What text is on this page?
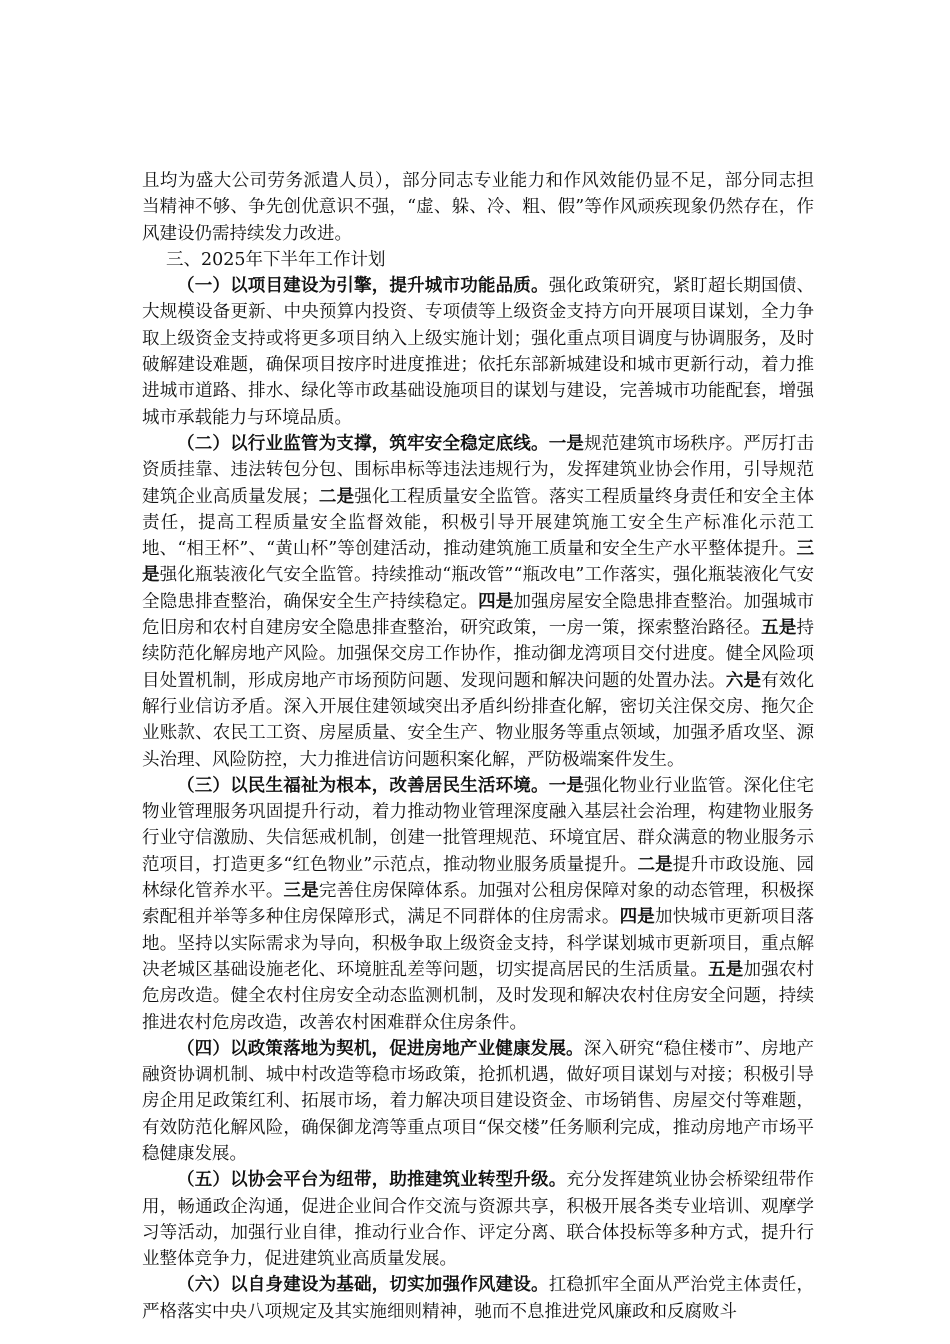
且均为盛大公司劳务派遣人员），部分同志专业能力和作风效能仍显不足，部分同志担当精神不够、争先创优意识不强，“虚、躲、冷、粗、假”等作风顽疾现象仍然存在，作风建设仍需持续发力改进。

三、2025年下半年工作计划

（一）以项目建设为引擎，提升城市功能品质。强化政策研究，紧盯超长期国债、大规模设备更新、中央预算内投资、专项债等上级资金支持方向开展项目谋划，全力争取上级资金支持或将更多项目纳入上级实施计划；强化重点项目调度与协调服务，及时破解建设难题，确保项目按序时进度推进；依托东部新城建设和城市更新行动，着力推进城市道路、排水、绿化等市政基础设施项目的谋划与建设，完善城市功能配套，增强城市承载能力与环境品质。

（二）以行业监管为支撑，筑牢安全稳定底线。一是规范建筑市场秩序。严厉打击资质挂靠、违法转包分包、围标串标等违法违规行为，发挥建筑业协会作用，引导规范建筑企业高质量发展；二是强化工程质量安全监管。落实工程质量终身责任和安全主体责任，提高工程质量安全监督效能，积极引导开展建筑施工安全生产标准化示范工地、“相王杯”、“黄山杯”等创建活动，推动建筑施工质量和安全生产水平整体提升。三是强化瓶装液化气安全监管。持续推动“瓶改管”“瓶改电”工作落实，强化瓶装液化气安全隐患排查整治，确保安全生产持续稳定。四是加强房屋安全隐患排查整治。加强城市危旧房和农村自建房安全隐患排查整治，研究政策，一房一策，探索整治路径。五是持续防范化解房地产风险。加强保交房工作协作，推动御龙湾项目交付进度。健全风险项目处置机制，形成房地产市场预防问题、发现问题和解决问题的处置办法。六是有效化解行业信访矛盾。深入开展住建领域突出矛盾纠纷排查化解，密切关注保交房、拖欠企业账款、农民工工资、房屋质量、安全生产、物业服务等重点领域，加强矛盾攻坚、源头治理、风险防控，大力推进信访问题积案化解，严防极端案件发生。

（三）以民生福祉为根本，改善居民生活环境。一是强化物业行业监管。深化住宅物业管理服务巩固提升行动，着力推动物业管理深度融入基层社会治理，构建物业服务行业守信激励、失信惩戒机制，创建一批管理规范、环境宜居、群众满意的物业服务示范项目，打造更多“红色物业”示范点，推动物业服务质量提升。二是提升市政设施、园林绿化管养水平。三是完善住房保障体系。加强对公租房保障对象的动态管理，积极探索配租并举等多种住房保障形式，满足不同群体的住房需求。四是加快城市更新项目落地。坚持以实际需求为导向，积极争取上级资金支持，科学谋划城市更新项目，重点解决老城区基础设施老化、环境脏乱差等问题，切实提高居民的生活质量。五是加强农村危房改造。健全农村住房安全动态监测机制，及时发现和解决农村住房安全问题，持续推进农村危房改造，改善农村困难群众住房条件。

（四）以政策落地为契机，促进房地产业健康发展。深入研究“稳住楼市”、房地产融资协调机制、城中村改造等稳市场政策，抢抓机遇，做好项目谋划与对接；积极引导房企用足政策红利、拓展市场，着力解决项目建设资金、市场销售、房屋交付等难题，有效防范化解风险，确保御龙湾等重点项目“保交楼”任务顺利完成，推动房地产市场平稳健康发展。

（五）以协会平台为纽带，助推建筑业转型升级。充分发挥建筑业协会桥梁纽带作用，畅通政企沟通，促进企业间合作交流与资源共享，积极开展各类专业培训、观摩学习等活动，加强行业自律，推动行业合作、评定分离、联合体投标等多种方式，提升行业整体竞争力，促进建筑业高质量发展。

（六）以自身建设为基础，切实加强作风建设。扛稳抓牢全面从严治党主体责任，严格落实中央八项规定及其实施细则精神，驰而不息推进党风廉政和反腐败斗
